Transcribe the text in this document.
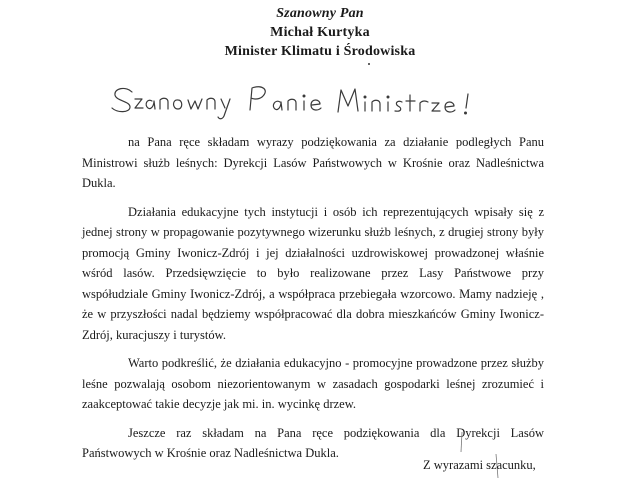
Szanowny Pan
Michał Kurtyka
Minister Klimatu i Środowiska

na Pana ręce składam wyrazy podziękowania za działanie podległych Panu Ministrowi służb leśnych: Dyrekcji Lasów Państwowych w Krośnie oraz Nadleśnictwa Dukla.

Działania edukacyjne tych instytucji i osób ich reprezentujących wpisały się z jednej strony w propagowanie pozytywnego wizerunku służb leśnych, z drugiej strony były promocją Gminy Iwonicz-Zdrój i jej działalności uzdrowiskowej prowadzonej właśnie wśród lasów. Przedsięwzięcie to było realizowane przez Lasy Państwowe przy współudziale Gminy Iwonicz-Zdrój, a współpraca przebiegała wzorcowo. Mamy nadzieję , że w przyszłości nadal będziemy współpracować dla dobra mieszkańców Gminy Iwonicz-Zdrój, kuracjuszy i turystów.

Warto podkreślić, że działania edukacyjno - promocyjne prowadzone przez służby leśne pozwalają osobom niezorientowanym w zasadach gospodarki leśnej zrozumieć i zaakceptować takie decyzje jak mi. in. wycinkę drzew.

Jeszcze raz składam na Pana ręce podziękowania dla Dyrekcji Lasów Państwowych w Krośnie oraz Nadleśnictwa Dukla.

Z wyrazami szacunku,
